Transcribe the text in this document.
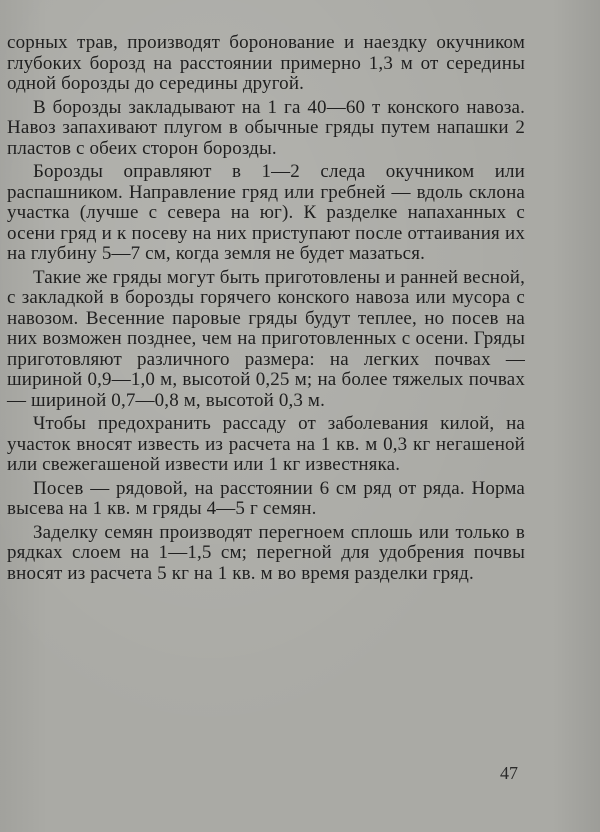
сорных трав, производят боронование и наездку окучником глубоких борозд на расстоянии примерно 1,3 м от середины одной борозды до середины другой.

В борозды закладывают на 1 га 40—60 т конского навоза. Навоз запахивают плугом в обычные гряды путем напашки 2 пластов с обеих сторон борозды.

Борозды оправляют в 1—2 следа окучником или распашником. Направление гряд или гребней — вдоль склона участка (лучше с севера на юг). К разделке напаханных с осени гряд и к посеву на них приступают после оттаивания их на глубину 5—7 см, когда земля не будет мазаться.

Такие же гряды могут быть приготовлены и ранней весной, с закладкой в борозды горячего конского навоза или мусора с навозом. Весенние паровые гряды будут теплее, но посев на них возможен позднее, чем на приготовленных с осени. Гряды приготовляют различного размера: на легких почвах — шириной 0,9—1,0 м, высотой 0,25 м; на более тяжелых почвах — шириной 0,7—0,8 м, высотой 0,3 м.

Чтобы предохранить рассаду от заболевания килой, на участок вносят известь из расчета на 1 кв. м 0,3 кг негашеной или свежегашеной извести или 1 кг известняка.

Посев — рядовой, на расстоянии 6 см ряд от ряда. Норма высева на 1 кв. м гряды 4—5 г семян.

Заделку семян производят перегноем сплошь или только в рядках слоем на 1—1,5 см; перегной для удобрения почвы вносят из расчета 5 кг на 1 кв. м во время разделки гряд.

47
